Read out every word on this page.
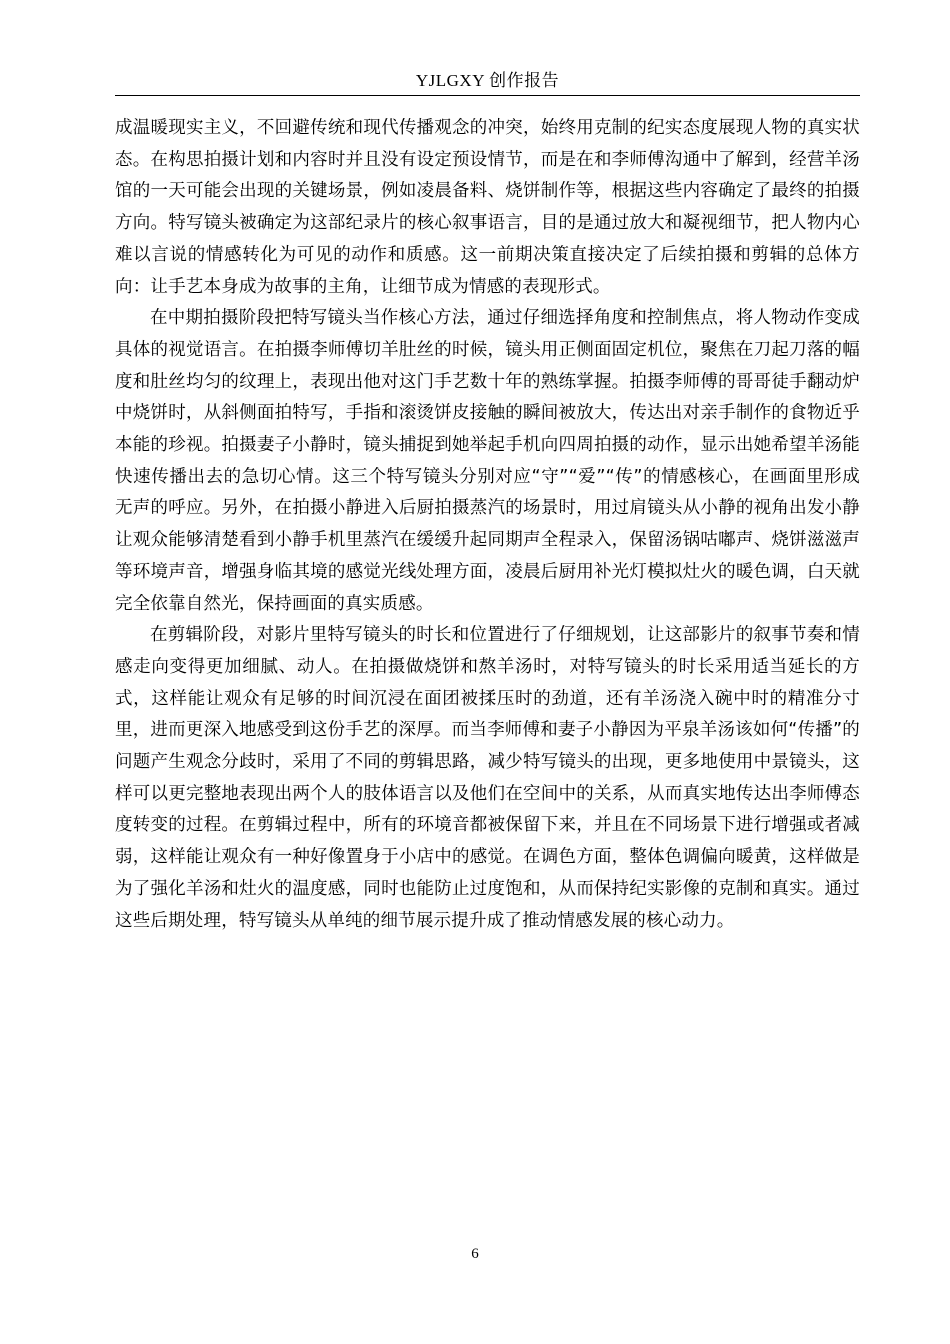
YJLGXY 创作报告

成温暖现实主义，不回避传统和现代传播观念的冲突，始终用克制的纪实态度展现人物的真实状态。在构思拍摄计划和内容时并且没有设定预设情节，而是在和李师傅沟通中了解到，经营羊汤馆的一天可能会出现的关键场景，例如凌晨备料、烧饼制作等，根据这些内容确定了最终的拍摄方向。特写镜头被确定为这部纪录片的核心叙事语言，目的是通过放大和凝视细节，把人物内心难以言说的情感转化为可见的动作和质感。这一前期决策直接决定了后续拍摄和剪辑的总体方向：让手艺本身成为故事的主角，让细节成为情感的表现形式。

在中期拍摄阶段把特写镜头当作核心方法，通过仔细选择角度和控制焦点，将人物动作变成具体的视觉语言。在拍摄李师傅切羊肚丝的时候，镜头用正侧面固定机位，聚焦在刀起刀落的幅度和肚丝均匀的纹理上，表现出他对这门手艺数十年的熟练掌握。拍摄李师傅的哥哥徒手翻动炉中烧饼时，从斜侧面拍特写，手指和滚烫饼皮接触的瞬间被放大，传达出对亲手制作的食物近乎本能的珍视。拍摄妻子小静时，镜头捕捉到她举起手机向四周拍摄的动作，显示出她希望羊汤能快速传播出去的急切心情。这三个特写镜头分别对应“守”“爱”“传”的情感核心，在画面里形成无声的呼应。另外，在拍摄小静进入后厨拍摄蒸汽的场景时，用过肩镜头从小静的视角出发小静让观众能够清楚看到小静手机里蒸汽在缓缓升起同期声全程录入，保留汤锅咕嘟声、烧饼滋滋声等环境声音，增强身临其境的感觉光线处理方面，凌晨后厨用补光灯模拟灶火的暖色调，白天就完全依靠自然光，保持画面的真实质感。

在剪辑阶段，对影片里特写镜头的时长和位置进行了仔细规划，让这部影片的叙事节奏和情感走向变得更加细腻、动人。在拍摄做烧饼和熬羊汤时，对特写镜头的时长采用适当延长的方式，这样能让观众有足够的时间沉浸在面团被揉压时的劲道，还有羊汤浇入碗中时的精准分寸里，进而更深入地感受到这份手艺的深厚。而当李师傅和妻子小静因为平泉羊汤该如何“传播”的问题产生观念分歧时，采用了不同的剪辑思路，减少特写镜头的出现，更多地使用中景镜头，这样可以更完整地表现出两个人的肢体语言以及他们在空间中的关系，从而真实地传达出李师傅态度转变的过程。在剪辑过程中，所有的环境音都被保留下来，并且在不同场景下进行增强或者减弱，这样能让观众有一种好像置身于小店中的感觉。在调色方面，整体色调偏向暖黄，这样做是为了强化羊汤和灶火的温度感，同时也能防止过度饱和，从而保持纪实影像的克制和真实。通过这些后期处理，特写镜头从单纯的细节展示提升成了推动情感发展的核心动力。

6
